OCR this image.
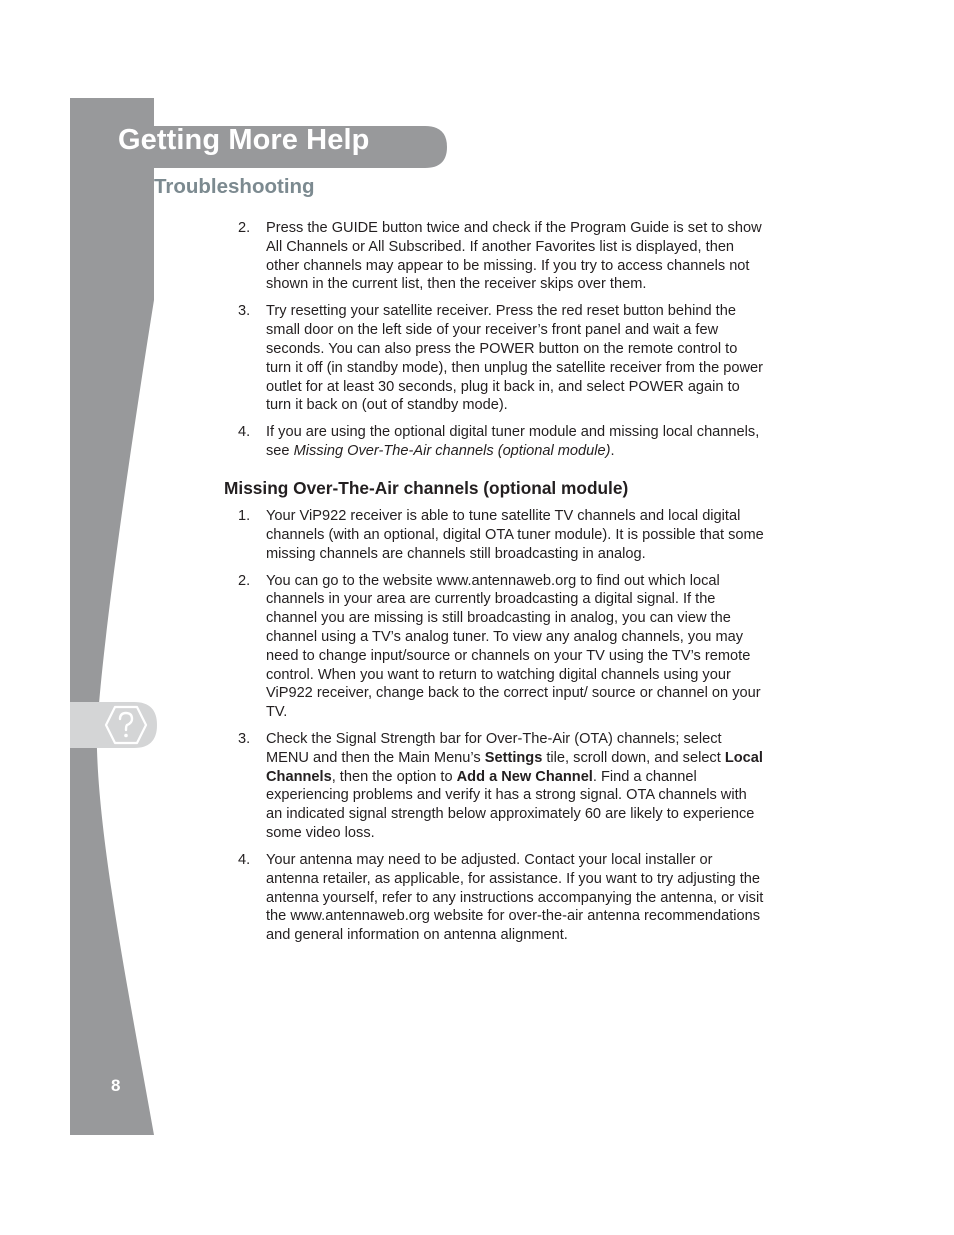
Getting More Help
Troubleshooting
2.	Press the GUIDE button twice and check if the Program Guide is set to show All Channels or All Subscribed. If another Favorites list is displayed, then other channels may appear to be missing. If you try to access channels not shown in the current list, then the receiver skips over them.
3.	Try resetting your satellite receiver. Press the red reset button behind the small door on the left side of your receiver’s front panel and wait a few seconds. You can also press the POWER button on the remote control to turn it off (in standby mode), then unplug the satellite receiver from the power outlet for at least 30 seconds, plug it back in, and select POWER again to turn it back on (out of standby mode).
4.	If you are using the optional digital tuner module and missing local channels, see Missing Over-The-Air channels (optional module).
Missing Over-The-Air channels (optional module)
1.	Your ViP922 receiver is able to tune satellite TV channels and local digital channels (with an optional, digital OTA tuner module). It is possible that some missing channels are channels still broadcasting in analog.
2.	You can go to the website www.antennaweb.org to find out which local channels in your area are currently broadcasting a digital signal. If the channel you are missing is still broadcasting in analog, you can view the channel using a TV’s analog tuner. To view any analog channels, you may need to change input/source or channels on your TV using the TV’s remote control. When you want to return to watching digital channels using your ViP922 receiver, change back to the correct input/ source or channel on your TV.
3.	Check the Signal Strength bar for Over-The-Air (OTA) channels; select MENU and then the Main Menu’s Settings tile, scroll down, and select Local Channels, then the option to Add a New Channel. Find a channel experiencing problems and verify it has a strong signal. OTA channels with an indicated signal strength below approximately 60 are likely to experience some video loss.
4.	Your antenna may need to be adjusted. Contact your local installer or antenna retailer, as applicable, for assistance. If you want to try adjusting the antenna yourself, refer to any instructions accompanying the antenna, or visit the www.antennaweb.org website for over-the-air antenna recommendations and general information on antenna alignment.
8
